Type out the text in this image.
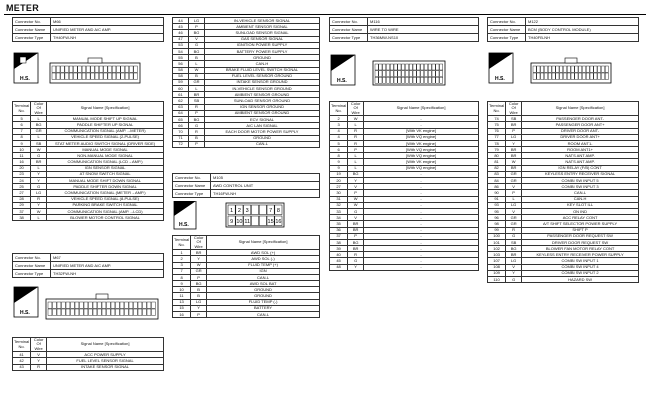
METER
Connector No.	M66
Connector Name	UNIFIED METER AND A/C AMP.
Connector Type	TH40FW-NH
H.S.
Terminal No.	Color Of Wire	Signal Name [Specification]
5	L	MANUAL MODE SHIFT UP SIGNAL
6	BG	PADDLE SHIFTER UP SIGNAL
7	GR	COMMUNICATION SIGNAL (AMP.→METER)
8	L	VEHICLE SPEED SIGNAL (2-PULSE)
9	SB	STAT METER AUDIO SWITCH SIGNAL (DRIVER SIDE)
10	W	MANUAL MODE SIGNAL
11	G	NON-MANUAL MODE SIGNAL
16	BR	COMMUNICATION SIGNAL (LCD→AMP.)
20	L	IGN SENSOR SIGNAL
23	Y	AT SNOW SWITCH SIGNAL
24	Y	MANUAL MODE SHIFT DOWN SIGNAL
25	G	PADDLE SHIFTER DOWN SIGNAL
27	LG	COMMUNICATION SIGNAL (METER→AMP.)
28	R	VEHICLE SPEED SIGNAL (8-PULSE)
29	Y	PARKING BRAKE SWITCH SIGNAL
37	W	COMMUNICATION SIGNAL (AMP.→LCD)
38	L	BLOWER MOTOR CONTROL SIGNAL
44	LG	IN-VEHICLE SENSOR SIGNAL
45	P	AMBIENT SENSOR SIGNAL
46	BG	SUNLOAD SENSOR SIGNAL
47	V	GAS SENSOR SIGNAL
53	G	IGNITION POWER SUPPLY
54	BG	BATTERY POWER SUPPLY
55	B	GROUND
56	L	CAN-H
58	W	BRAKE FLUID LEVEL SWITCH SIGNAL
58	B	FUEL LEVEL SENSOR GROUND
59	GR	INTAKE SENSOR GROUND
60	L	IN-VEHICLE SENSOR GROUND
61	BR	AMBIENT SENSOR GROUND
62	SB	SUNLOAD SENSOR GROUND
63	R	IGN SENSOR GROUND
64	P	AMBIENT SENSOR GROUND
65	BG	ECV SIGNAL
66	G	A/C LAN SIGNAL
70	R	EACH DOOR MOTOR POWER SUPPLY
71	B	GROUND
72	P	CAN-L
Connector No.	M67
Connector Name	UNIFIED METER AND A/C AMP.
Connector Type	TH32FW-NH
H.S.
Terminal No.	Color Of Wire	Signal Name [Specification]
41	V	ACC POWER SUPPLY
42	Y	FUEL LEVEL SENSOR SIGNAL
43	R	INTAKE SENSOR SIGNAL
Connector No.	M105
Connector Name	AWD CONTROL UNIT
Connector Type	TH16FW-NH
H.S.
1 2 3	7 8
9 10 11	15 16
Terminal No.	Color Of Wire	Signal Name [Specification]
1	BR	AWD SOL (+)
2	Y	AWD SOL (-)
3	W	FLUID TEMP (+)
7	GR	IGN
8	P	CAN-L
9	BG	AWD SOL BAT
10	B	GROUND
11	B	GROUND
13	LG	FLUID TEMP (-)
15	Y	BATTERY
16	P	CAN-L
Connector No.	M116
Connector Name	WIRE TO WIRE
Connector Type	TH36MW-NS10
H.S.
Terminal No.	Color Of Wire	Signal Name [Specification]
2	W	-
3	L	-
4	R	[With VK engine]
4	R	[With VQ engine]
5	R	[With VK engine]
6	P	[With VQ engine]
8	L	[With VQ engine]
9	L	[With VK engine]
9	L	[With VQ engine]
19	BG	-
20	Y	-
27	V	-
30	P	-
31	W	-
32	W	-
33	G	-
34	V	-
35	BR	-
36	BR	-
37	P	-
38	BG	-
39	BR	-
40	R	-
45	G	-
48	Y	-
Connector No.	M122
Connector Name	BCM (BODY CONTROL MODULE)
Connector Type	TH40FB-NH
H.S.
Terminal No.	Color Of Wire	Signal Name [Specification]
74	SB	PASSENGER DOOR ANT-
75	BR	PASSENGER DOOR ANT+
76	P	DRIVER DOOR ANT-
77	LG	DRIVER DOOR ANT+
78	Y	ROOM ANT1-
79	BR	ROOM ANT1+
80	BR	NATS ANT AMP.
81	W	NATS ANT AMP.
82	BR	IGN RELAY (F/B) CONT
83	GR	KEYLESS ENTRY RECEIVER SIGNAL
84	GR	COMBI SW INPUT 5
86	V	COMBI SW INPUT 3
90	P	CAN-L
91	L	CAN-H
93	LG	KEY SLOT ILL
95	V	ON IND
96	GR	ACC RELAY CONT
98	GR	A/T SHIFT SELECTOR POWER SUPPLY
99	R	SHIFT P
100	G	PASSENGER DOOR REQUEST SW
101	SB	DRIVER DOOR REQUEST SW
102	BG	BLOWER FAN MOTOR RELAY CONT
103	BR	KEYLESS ENTRY RECEIVER POWER SUPPLY
107	LG	COMBI SW INPUT 1
108	V	COMBI SW INPUT 4
109	Y	COMBI SW INPUT 2
110	G	HAZARD SW
